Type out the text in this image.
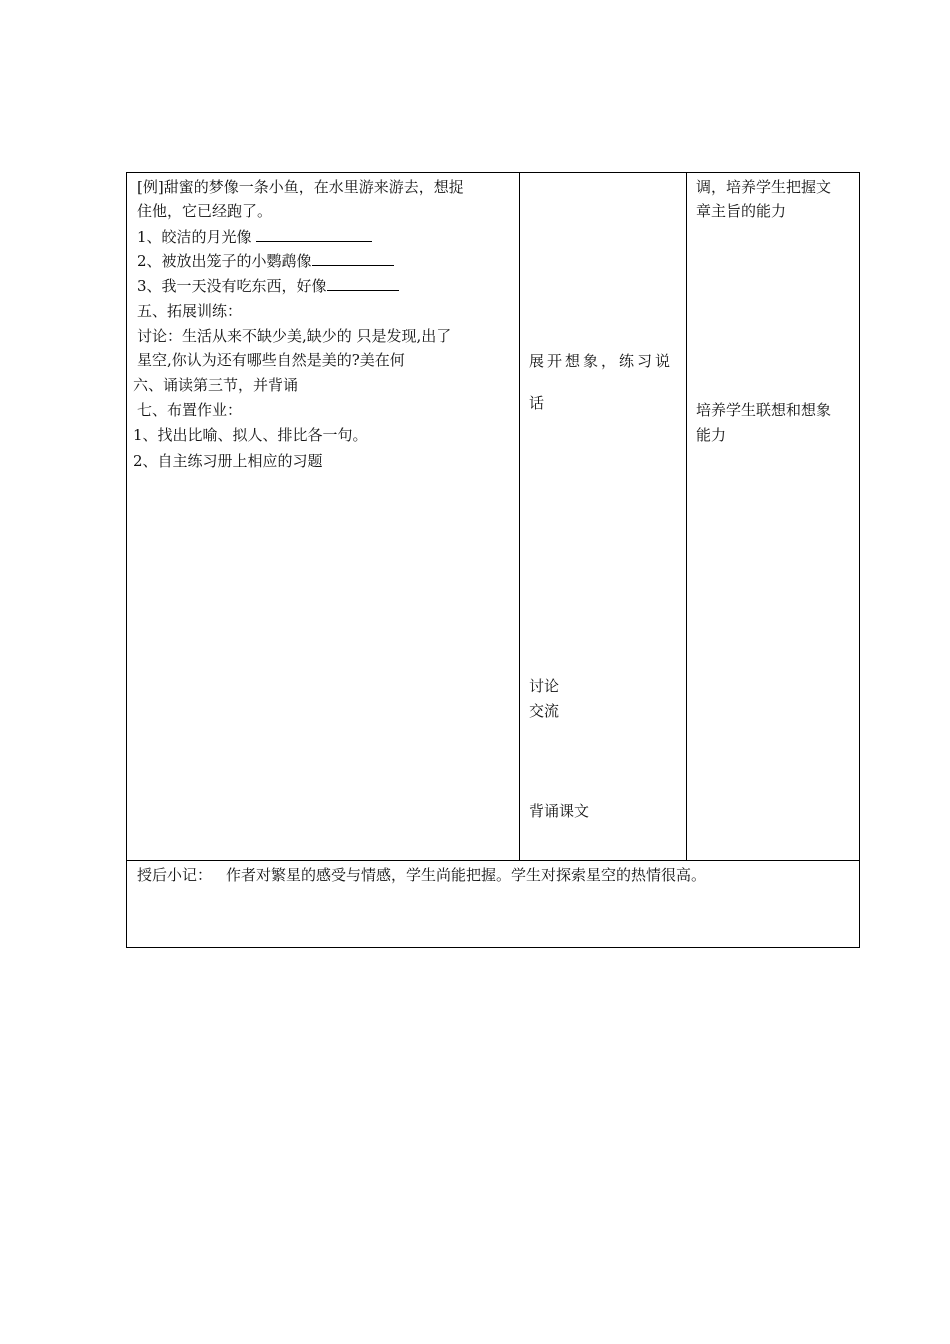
[例]甜蜜的梦像一条小鱼，在水里游来游去，想捉
住他，它已经跑了。
1、皎洁的月光像
2、被放出笼子的小鹦鹉像
3、我一天没有吃东西，好像
五、拓展训练：
讨论：生活从来不缺少美,缺少的 只是发现,出了
星空,你认为还有哪些自然是美的?美在何
六、诵读第三节，并背诵
七、布置作业：
1、找出比喻、拟人、排比各一句。
2、自主练习册上相应的习题
展开想象，练习说
话
讨论
交流
背诵课文
调，培养学生把握文
章主旨的能力
培养学生联想和想象
能力
授后小记： 作者对繁星的感受与情感，学生尚能把握。学生对探索星空的热情很高。
